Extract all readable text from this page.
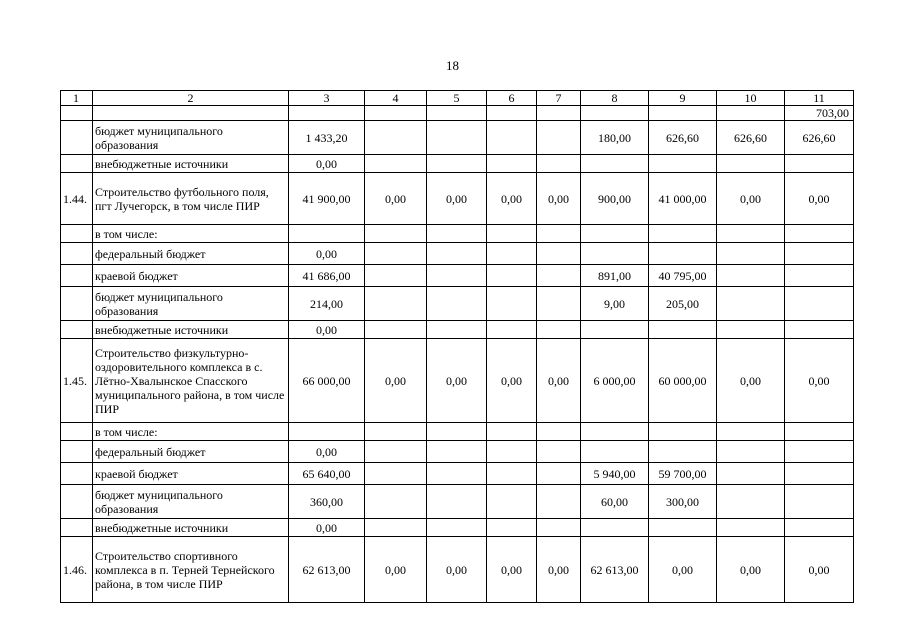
18
1	2	3	4	5	6	7	8	9	10	11
										703,00
	бюджет муниципального образования	1 433,20					180,00	626,60	626,60	626,60
	внебюджетные источники	0,00								
1.44.	Строительство футбольного поля, пгт Лучегорск, в том числе ПИР	41 900,00	0,00	0,00	0,00	0,00	900,00	41 000,00	0,00	0,00
	в том числе:									
	федеральный бюджет	0,00								
	краевой бюджет	41 686,00					891,00	40 795,00		
	бюджет муниципального образования	214,00					9,00	205,00		
	внебюджетные источники	0,00								
1.45.	Строительство физкультурно-оздоровительного комплекса в с. Лётно-Хвалынское Спасского муниципального района, в том числе ПИР	66 000,00	0,00	0,00	0,00	0,00	6 000,00	60 000,00	0,00	0,00
	в том числе:									
	федеральный бюджет	0,00								
	краевой бюджет	65 640,00					5 940,00	59 700,00		
	бюджет муниципального образования	360,00					60,00	300,00		
	внебюджетные источники	0,00								
1.46.	Строительство спортивного комплекса в п. Терней Тернейского района, в том числе ПИР	62 613,00	0,00	0,00	0,00	0,00	62 613,00	0,00	0,00	0,00
